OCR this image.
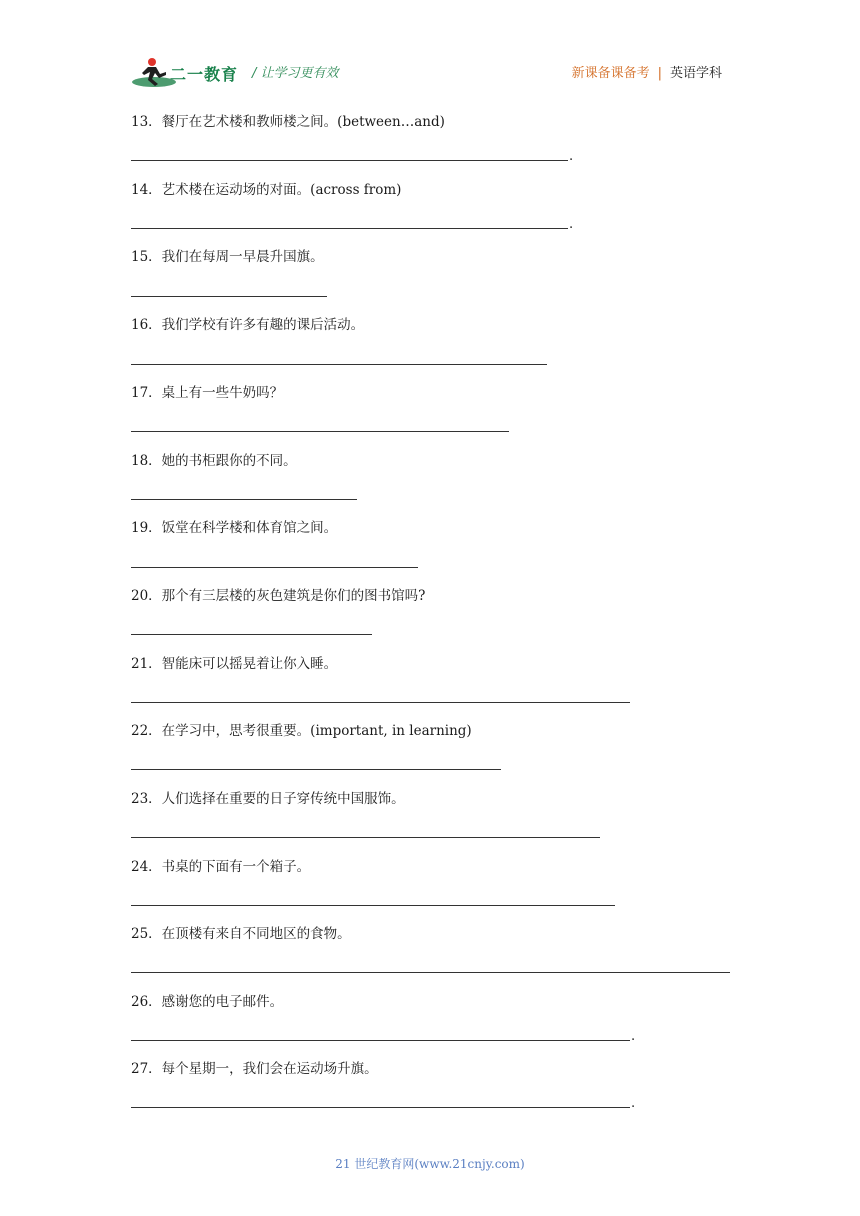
二一教育 / 让学习更有效	新课备课备考 | 英语学科
13．餐厅在艺术楼和教师楼之间。(between…and)
.
14．艺术楼在运动场的对面。(across from)
.
15．我们在每周一早晨升国旗。
16．我们学校有许多有趣的课后活动。
17．桌上有一些牛奶吗？
18．她的书柜跟你的不同。
19．饭堂在科学楼和体育馆之间。
20．那个有三层楼的灰色建筑是你们的图书馆吗?
21．智能床可以摇晃着让你入睡。
22．在学习中，思考很重要。(important, in learning)
23．人们选择在重要的日子穿传统中国服饰。
24．书桌的下面有一个箱子。
25．在顶楼有来自不同地区的食物。
26．感谢您的电子邮件。
.
27．每个星期一，我们会在运动场升旗。
.
21 世纪教育网(www.21cnjy.com)
